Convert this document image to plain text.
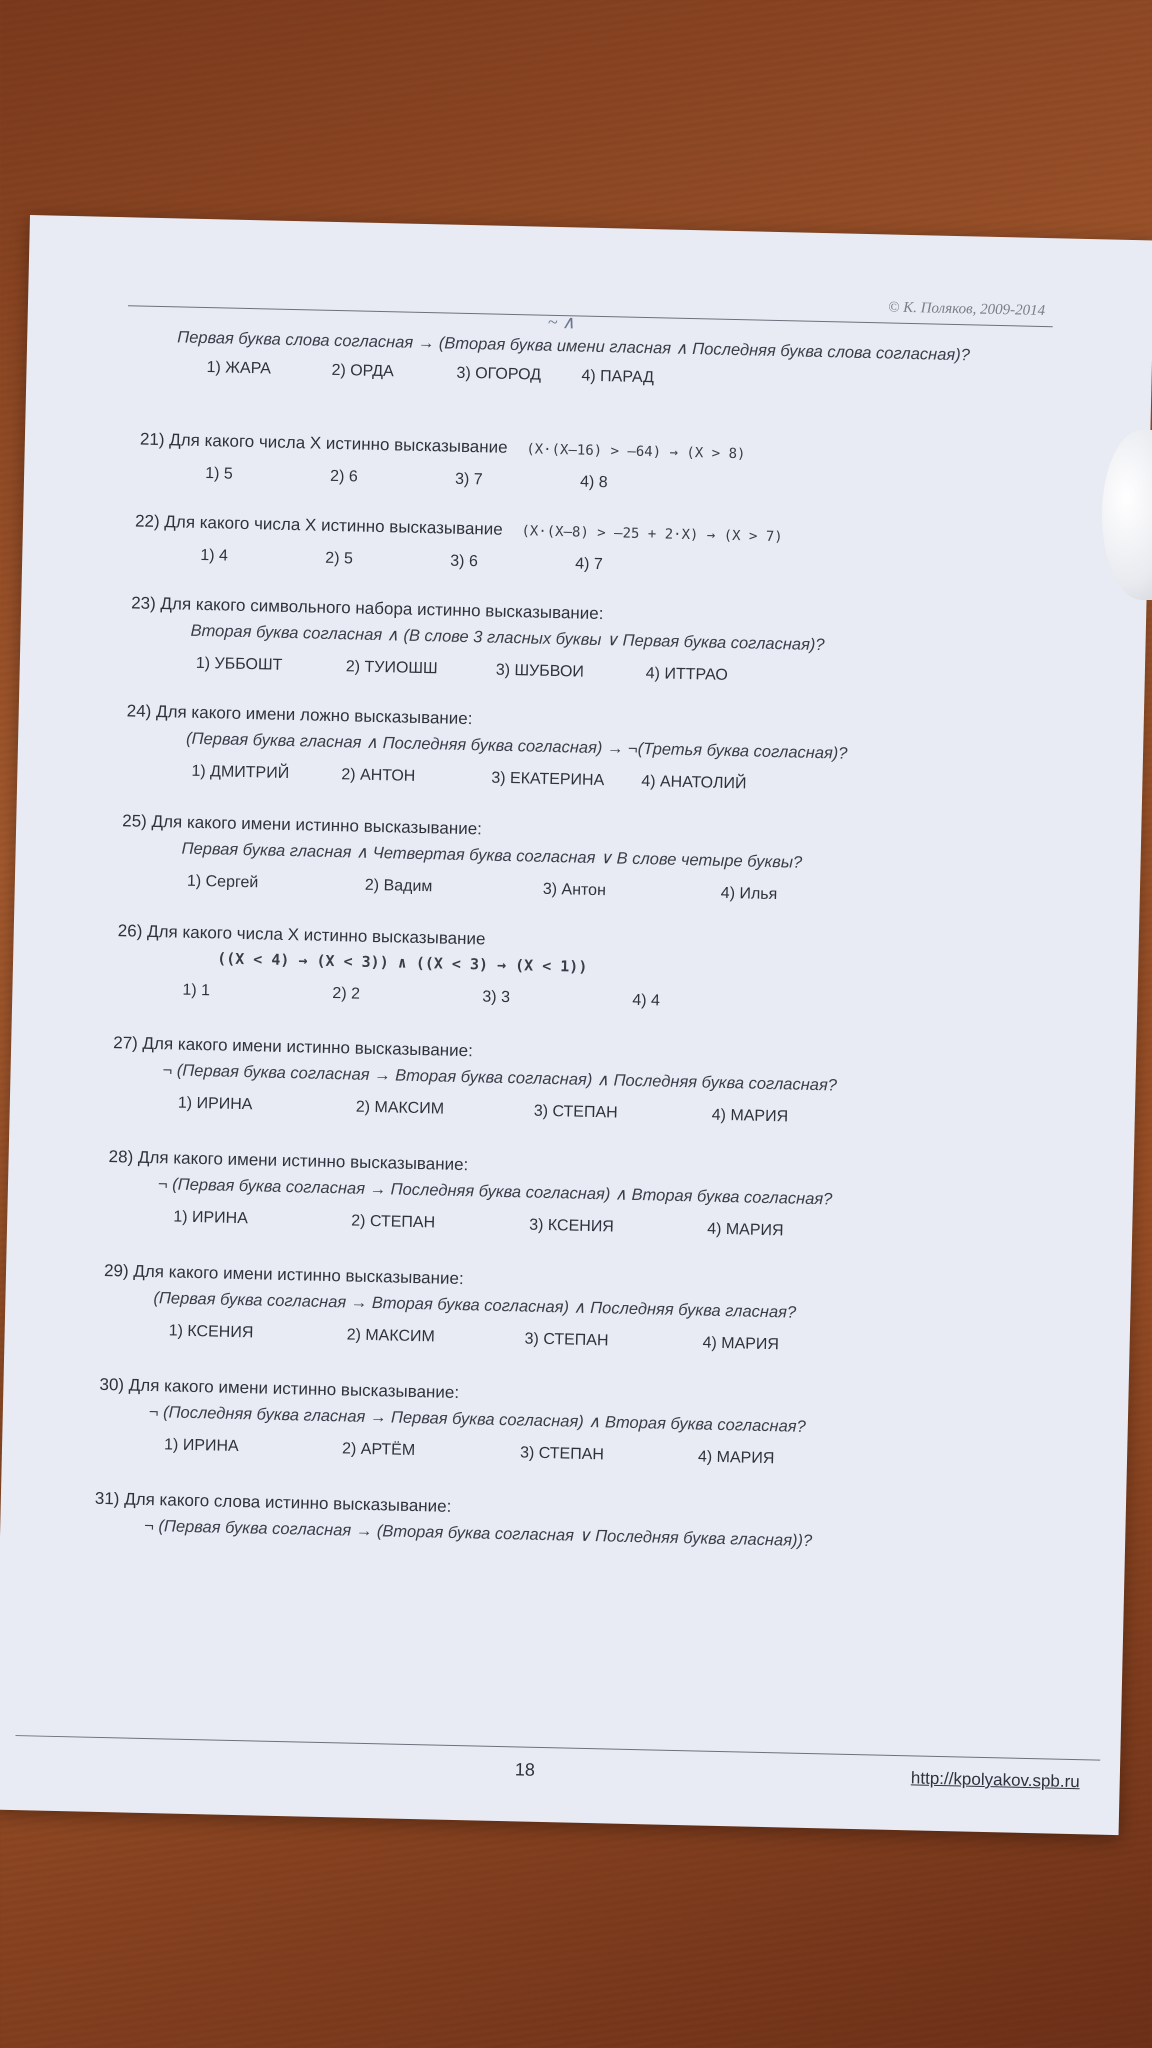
© К. Поляков, 2009-2014
~ ∧
Первая буква слова согласная → (Вторая буква имени гласная ∧ Последняя буква слова согласная)?
1) ЖАРА	2) ОРДА	3) ОГОРОД	4) ПАРАД
21) Для какого числа X истинно высказывание (X·(X–16) > –64) → (X > 8)
1) 5	2) 6	3) 7	4) 8
22) Для какого числа X истинно высказывание (X·(X–8) > –25 + 2·X) → (X > 7)
1) 4	2) 5	3) 6	4) 7
23) Для какого символьного набора истинно высказывание:
Вторая буква согласная ∧ (В слове 3 гласных буквы ∨ Первая буква согласная)?
1) УББОШТ	2) ТУИОШШ	3) ШУБВОИ	4) ИТТРАО
24) Для какого имени ложно высказывание:
(Первая буква гласная ∧ Последняя буква согласная) → ¬(Третья буква согласная)?
1) ДМИТРИЙ	2) АНТОН	3) ЕКАТЕРИНА	4) АНАТОЛИЙ
25) Для какого имени истинно высказывание:
Первая буква гласная ∧ Четвертая буква согласная ∨ В слове четыре буквы?
1) Сергей	2) Вадим	3) Антон	4) Илья
26) Для какого числа X истинно высказывание
((X < 4) → (X < 3)) ∧ ((X < 3) → (X < 1))
1) 1	2) 2	3) 3	4) 4
27) Для какого имени истинно высказывание:
¬ (Первая буква согласная → Вторая буква согласная) ∧ Последняя буква согласная?
1) ИРИНА	2) МАКСИМ	3) СТЕПАН	4) МАРИЯ
28) Для какого имени истинно высказывание:
¬ (Первая буква согласная → Последняя буква согласная) ∧ Вторая буква согласная?
1) ИРИНА	2) СТЕПАН	3) КСЕНИЯ	4) МАРИЯ
29) Для какого имени истинно высказывание:
(Первая буква согласная → Вторая буква согласная) ∧ Последняя буква гласная?
1) КСЕНИЯ	2) МАКСИМ	3) СТЕПАН	4) МАРИЯ
30) Для какого имени истинно высказывание:
¬ (Последняя буква гласная → Первая буква согласная) ∧ Вторая буква согласная?
1) ИРИНА	2) АРТЁМ	3) СТЕПАН	4) МАРИЯ
31) Для какого слова истинно высказывание:
¬ (Первая буква согласная → (Вторая буква согласная ∨ Последняя буква гласная))?
18	http://kpolyakov.spb.ru
